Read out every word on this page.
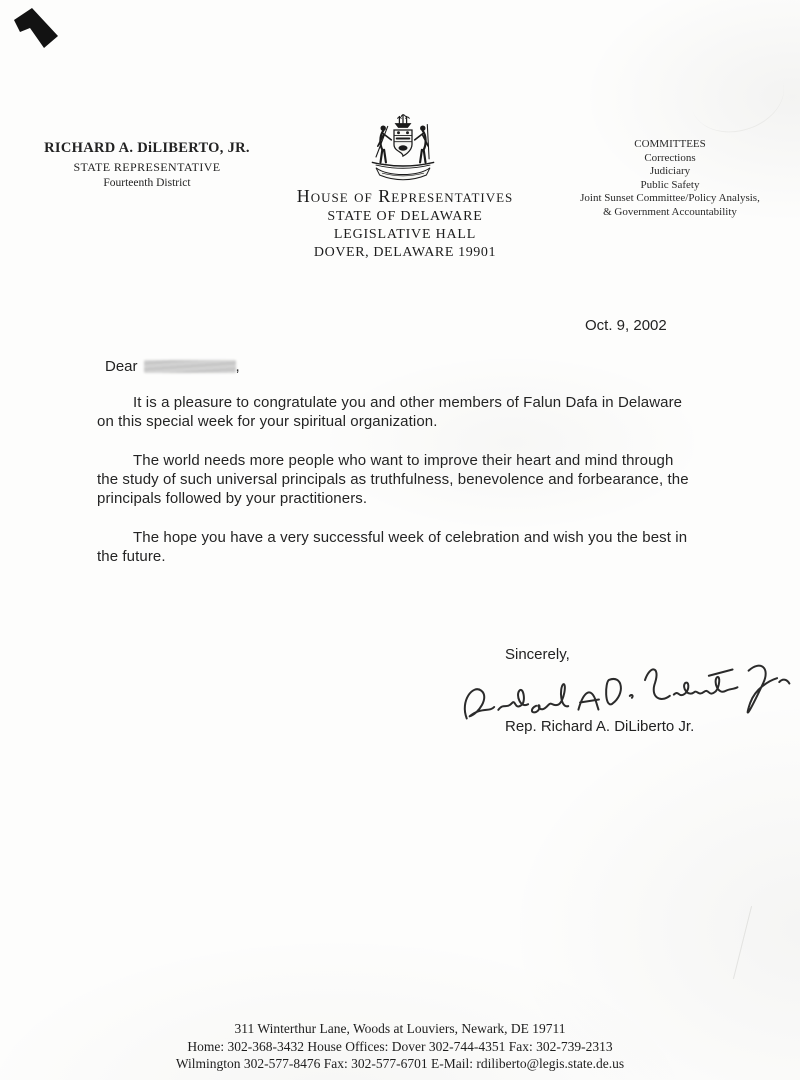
RICHARD A. DiLIBERTO, JR.
STATE REPRESENTATIVE
Fourteenth District
House of Representatives
STATE OF DELAWARE
LEGISLATIVE HALL
DOVER, DELAWARE 19901
COMMITTEES
Corrections
Judiciary
Public Safety
Joint Sunset Committee/Policy Analysis,
& Government Accountability
Oct. 9, 2002
Dear	,
It is a pleasure to congratulate you and other members of Falun Dafa in Delaware
on this special week for your spiritual organization.
The world needs more people who want to improve their heart and mind through
the study of such universal principals as truthfulness, benevolence and forbearance, the
principals followed by your practitioners.
The hope you have a very successful week of celebration and wish you the best in
the future.
Sincerely,
Rep. Richard A. DiLiberto Jr.
311 Winterthur Lane, Woods at Louviers, Newark, DE 19711
Home: 302-368-3432 House Offices: Dover 302-744-4351 Fax: 302-739-2313
Wilmington 302-577-8476 Fax: 302-577-6701 E-Mail: rdiliberto@legis.state.de.us
